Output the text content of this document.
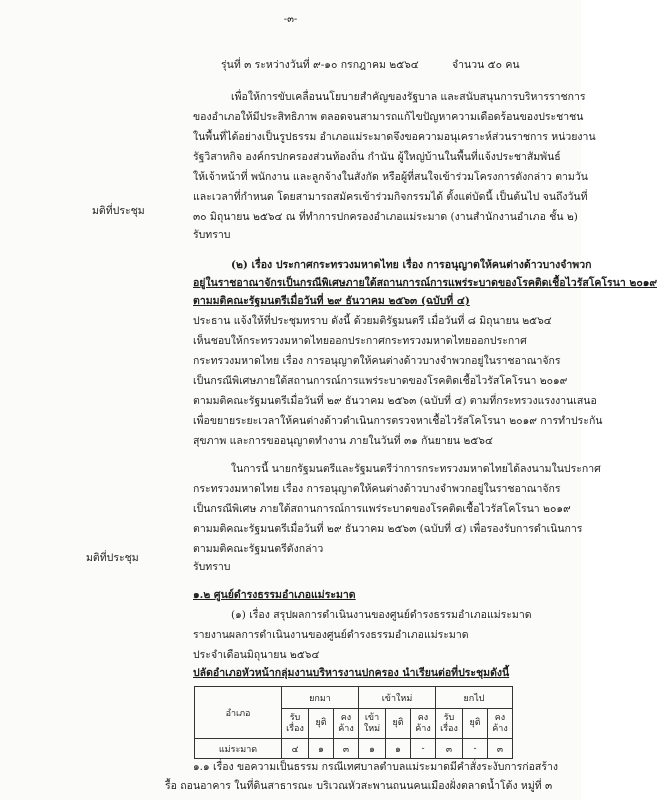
-๓-
รุ่นที่ ๓ ระหว่างวันที่ ๙-๑๐ กรกฎาคม ๒๕๖๔	จำนวน ๕๐ คน
เพื่อให้การขับเคลื่อนนโยบายสำคัญของรัฐบาล และสนับสนุนการบริหารราชการ
ของอำเภอให้มีประสิทธิภาพ ตลอดจนสามารถแก้ไขปัญหาความเดือดร้อนของประชาชน
ในพื้นที่ได้อย่างเป็นรูปธรรม อำเภอแม่ระมาดจึงขอความอนุเคราะห์ส่วนราชการ หน่วยงาน
รัฐวิสาหกิจ องค์กรปกครองส่วนท้องถิ่น กำนัน ผู้ใหญ่บ้านในพื้นที่แจ้งประชาสัมพันธ์
ให้เจ้าหน้าที่ พนักงาน และลูกจ้างในสังกัด หรือผู้ที่สนใจเข้าร่วมโครงการดังกล่าว ตามวัน
และเวลาที่กำหนด โดยสามารถสมัครเข้าร่วมกิจกรรมได้ ตั้งแต่บัดนี้ เป็นต้นไป จนถึงวันที่
๓๐ มิถุนายน ๒๕๖๔ ณ ที่ทำการปกครองอำเภอแม่ระมาด (งานสำนักงานอำเภอ ชั้น ๒)
มติที่ประชุม
รับทราบ
(๒) เรื่อง ประกาศกระทรวงมหาดไทย เรื่อง การอนุญาตให้คนต่างด้าวบางจำพวก
อยู่ในราชอาณาจักรเป็นกรณีพิเศษภายใต้สถานการณ์การแพร่ระบาดของโรคติดเชื้อไวรัสโคโรนา ๒๐๑๙
ตามมติคณะรัฐมนตรีเมื่อวันที่ ๒๙ ธันวาคม ๒๕๖๓ (ฉบับที่ ๔)
ประธาน แจ้งให้ที่ประชุมทราบ ดังนี้ ด้วยมติรัฐมนตรี เมื่อวันที่ ๘ มิถุนายน ๒๕๖๔
เห็นชอบให้กระทรวงมหาดไทยออกประกาศกระทรวงมหาดไทยออกประกาศ
กระทรวงมหาดไทย เรื่อง การอนุญาตให้คนต่างด้าวบางจำพวกอยู่ในราชอาณาจักร
เป็นกรณีพิเศษภายใต้สถานการณ์การแพร่ระบาดของโรคติดเชื้อไวรัสโคโรนา ๒๐๑๙
ตามมติคณะรัฐมนตรีเมื่อวันที่ ๒๙ ธันวาคม ๒๕๖๓ (ฉบับที่ ๔) ตามที่กระทรวงแรงงานเสนอ
เพื่อขยายระยะเวลาให้คนต่างด้าวดำเนินการตรวจหาเชื้อไวรัสโคโรนา ๒๐๑๙ การทำประกัน
สุขภาพ และการขออนุญาตทำงาน ภายในวันที่ ๓๑ กันยายน ๒๕๖๔
ในการนี้ นายกรัฐมนตรีและรัฐมนตรีว่าการกระทรวงมหาดไทยได้ลงนามในประกาศ
กระทรวงมหาดไทย เรื่อง การอนุญาตให้คนต่างด้าวบางจำพวกอยู่ในราชอาณาจักร
เป็นกรณีพิเศษ ภายใต้สถานการณ์การแพร่ระบาดของโรคติดเชื้อไวรัสโคโรนา ๒๐๑๙
ตามมติคณะรัฐมนตรีเมื่อวันที่ ๒๙ ธันวาคม ๒๕๖๓ (ฉบับที่ ๔) เพื่อรองรับการดำเนินการ
ตามมติคณะรัฐมนตรีดังกล่าว
มติที่ประชุม
รับทราบ
๑.๒ ศูนย์ดำรงธรรมอำเภอแม่ระมาด
(๑) เรื่อง สรุปผลการดำเนินงานของศูนย์ดำรงธรรมอำเภอแม่ระมาด
รายงานผลการดำเนินงานของศูนย์ดำรงธรรมอำเภอแม่ระมาด
ประจำเดือนมิถุนายน ๒๕๖๔
ปลัดอำเภอหัวหน้ากลุ่มงานบริหารงานปกครอง นำเรียนต่อที่ประชุมดังนี้
อำเภอ	ยกมา			เข้าใหม่			ยกไป		
	รับ เรื่อง	ยุติ	คง ค้าง	เข้า ใหม่	ยุติ	คง ค้าง	รับ เรื่อง	ยุติ	คง ค้าง
แม่ระมาด	๔	๑	๓	๑	๑	-	๓	-	๓
๑.๑ เรื่อง ขอความเป็นธรรม กรณีเทศบาลตำบลแม่ระมาดมีคำสั่งระงับการก่อสร้าง
รื้อ ถอนอาคาร ในที่ดินสาธารณะ บริเวณหัวสะพานถนนคนเมืองฝั่งตลาดน้ำโต้ง หมู่ที่ ๓
